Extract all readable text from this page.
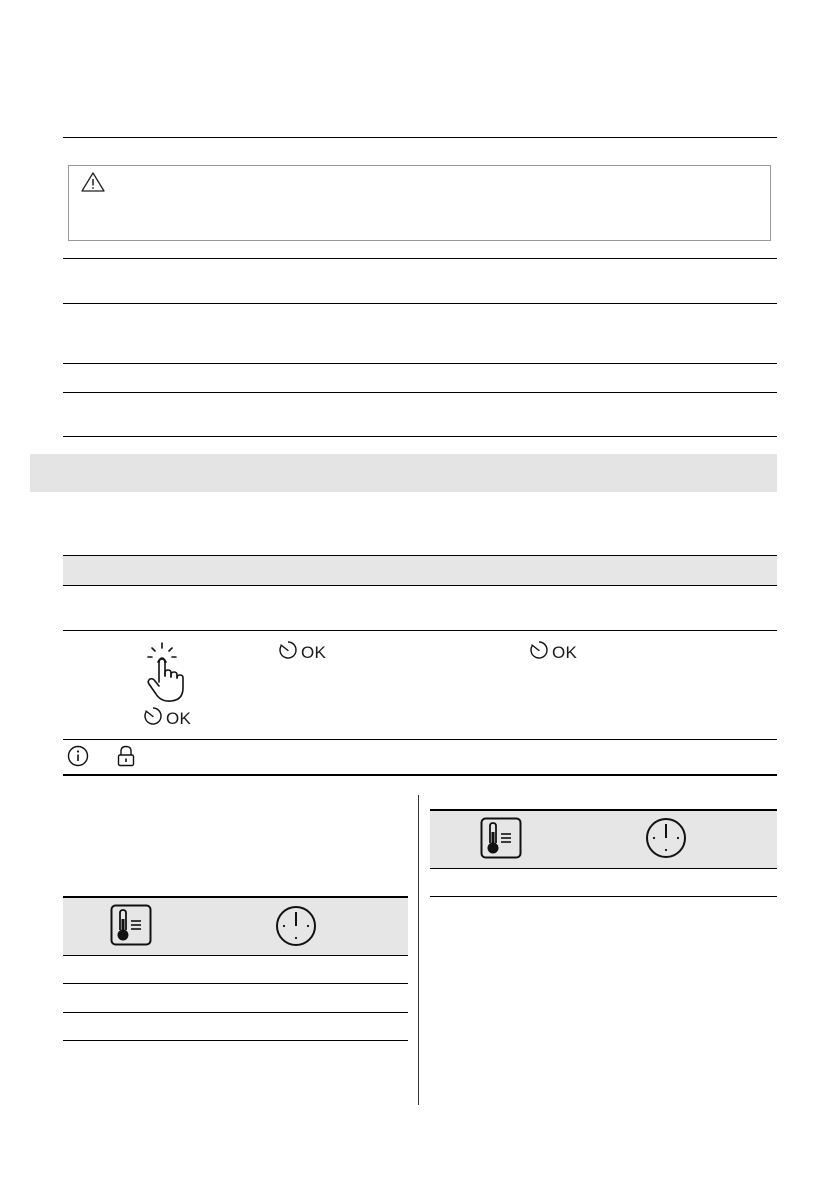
OK
OK	OK
